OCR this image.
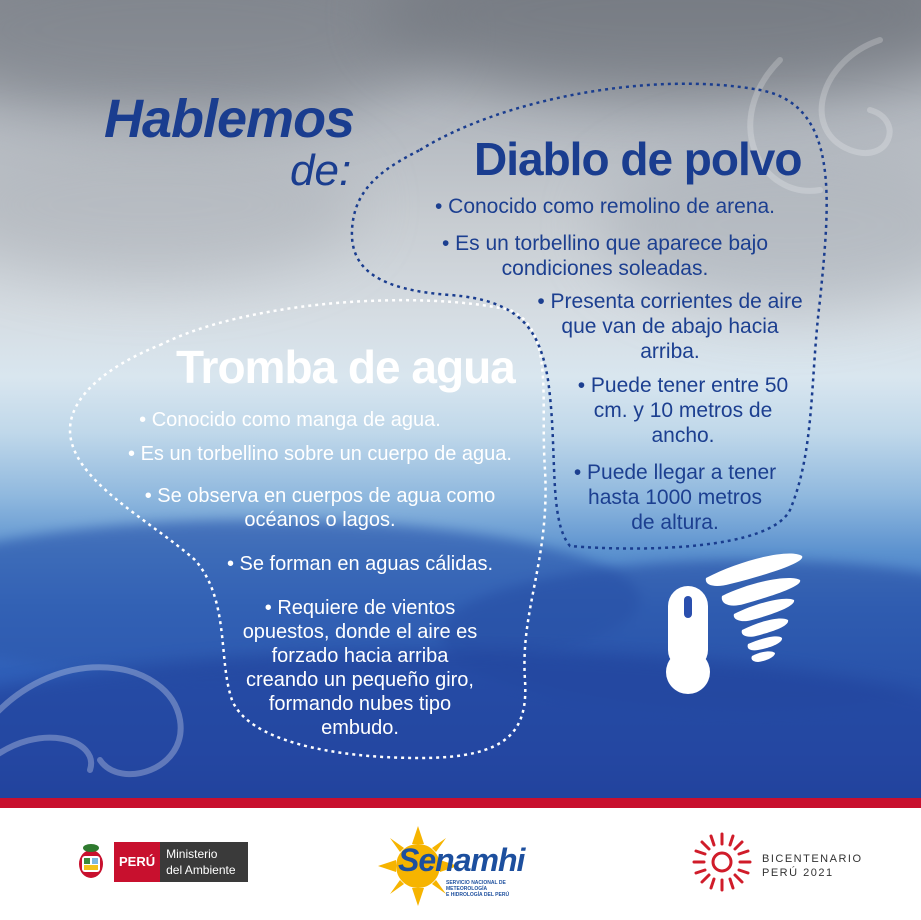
Hablemos
de:	Diablo de polvo
Tromba de agua
• Conocido como remolino de arena.
• Es un torbellino que aparece bajo
condiciones soleadas.
• Presenta corrientes de aire
que van de abajo hacia
arriba.
• Puede tener entre 50
cm. y 10 metros de
ancho.
• Puede llegar a tener
hasta 1000 metros
de altura.
• Conocido como manga de agua.
• Es un torbellino sobre un cuerpo de agua.
• Se observa en cuerpos de agua como
océanos o lagos.
• Se forman en aguas cálidas.
• Requiere de vientos
opuestos, donde el aire es
forzado hacia arriba
creando un pequeño giro,
formando nubes tipo
embudo.
PERÚ Ministerio
del Ambiente	Senamhi
SERVICIO NACIONAL DE METEOROLOGÍA
E HIDROLOGÍA DEL PERÚ
BICENTENARIO
PERÚ 2021
